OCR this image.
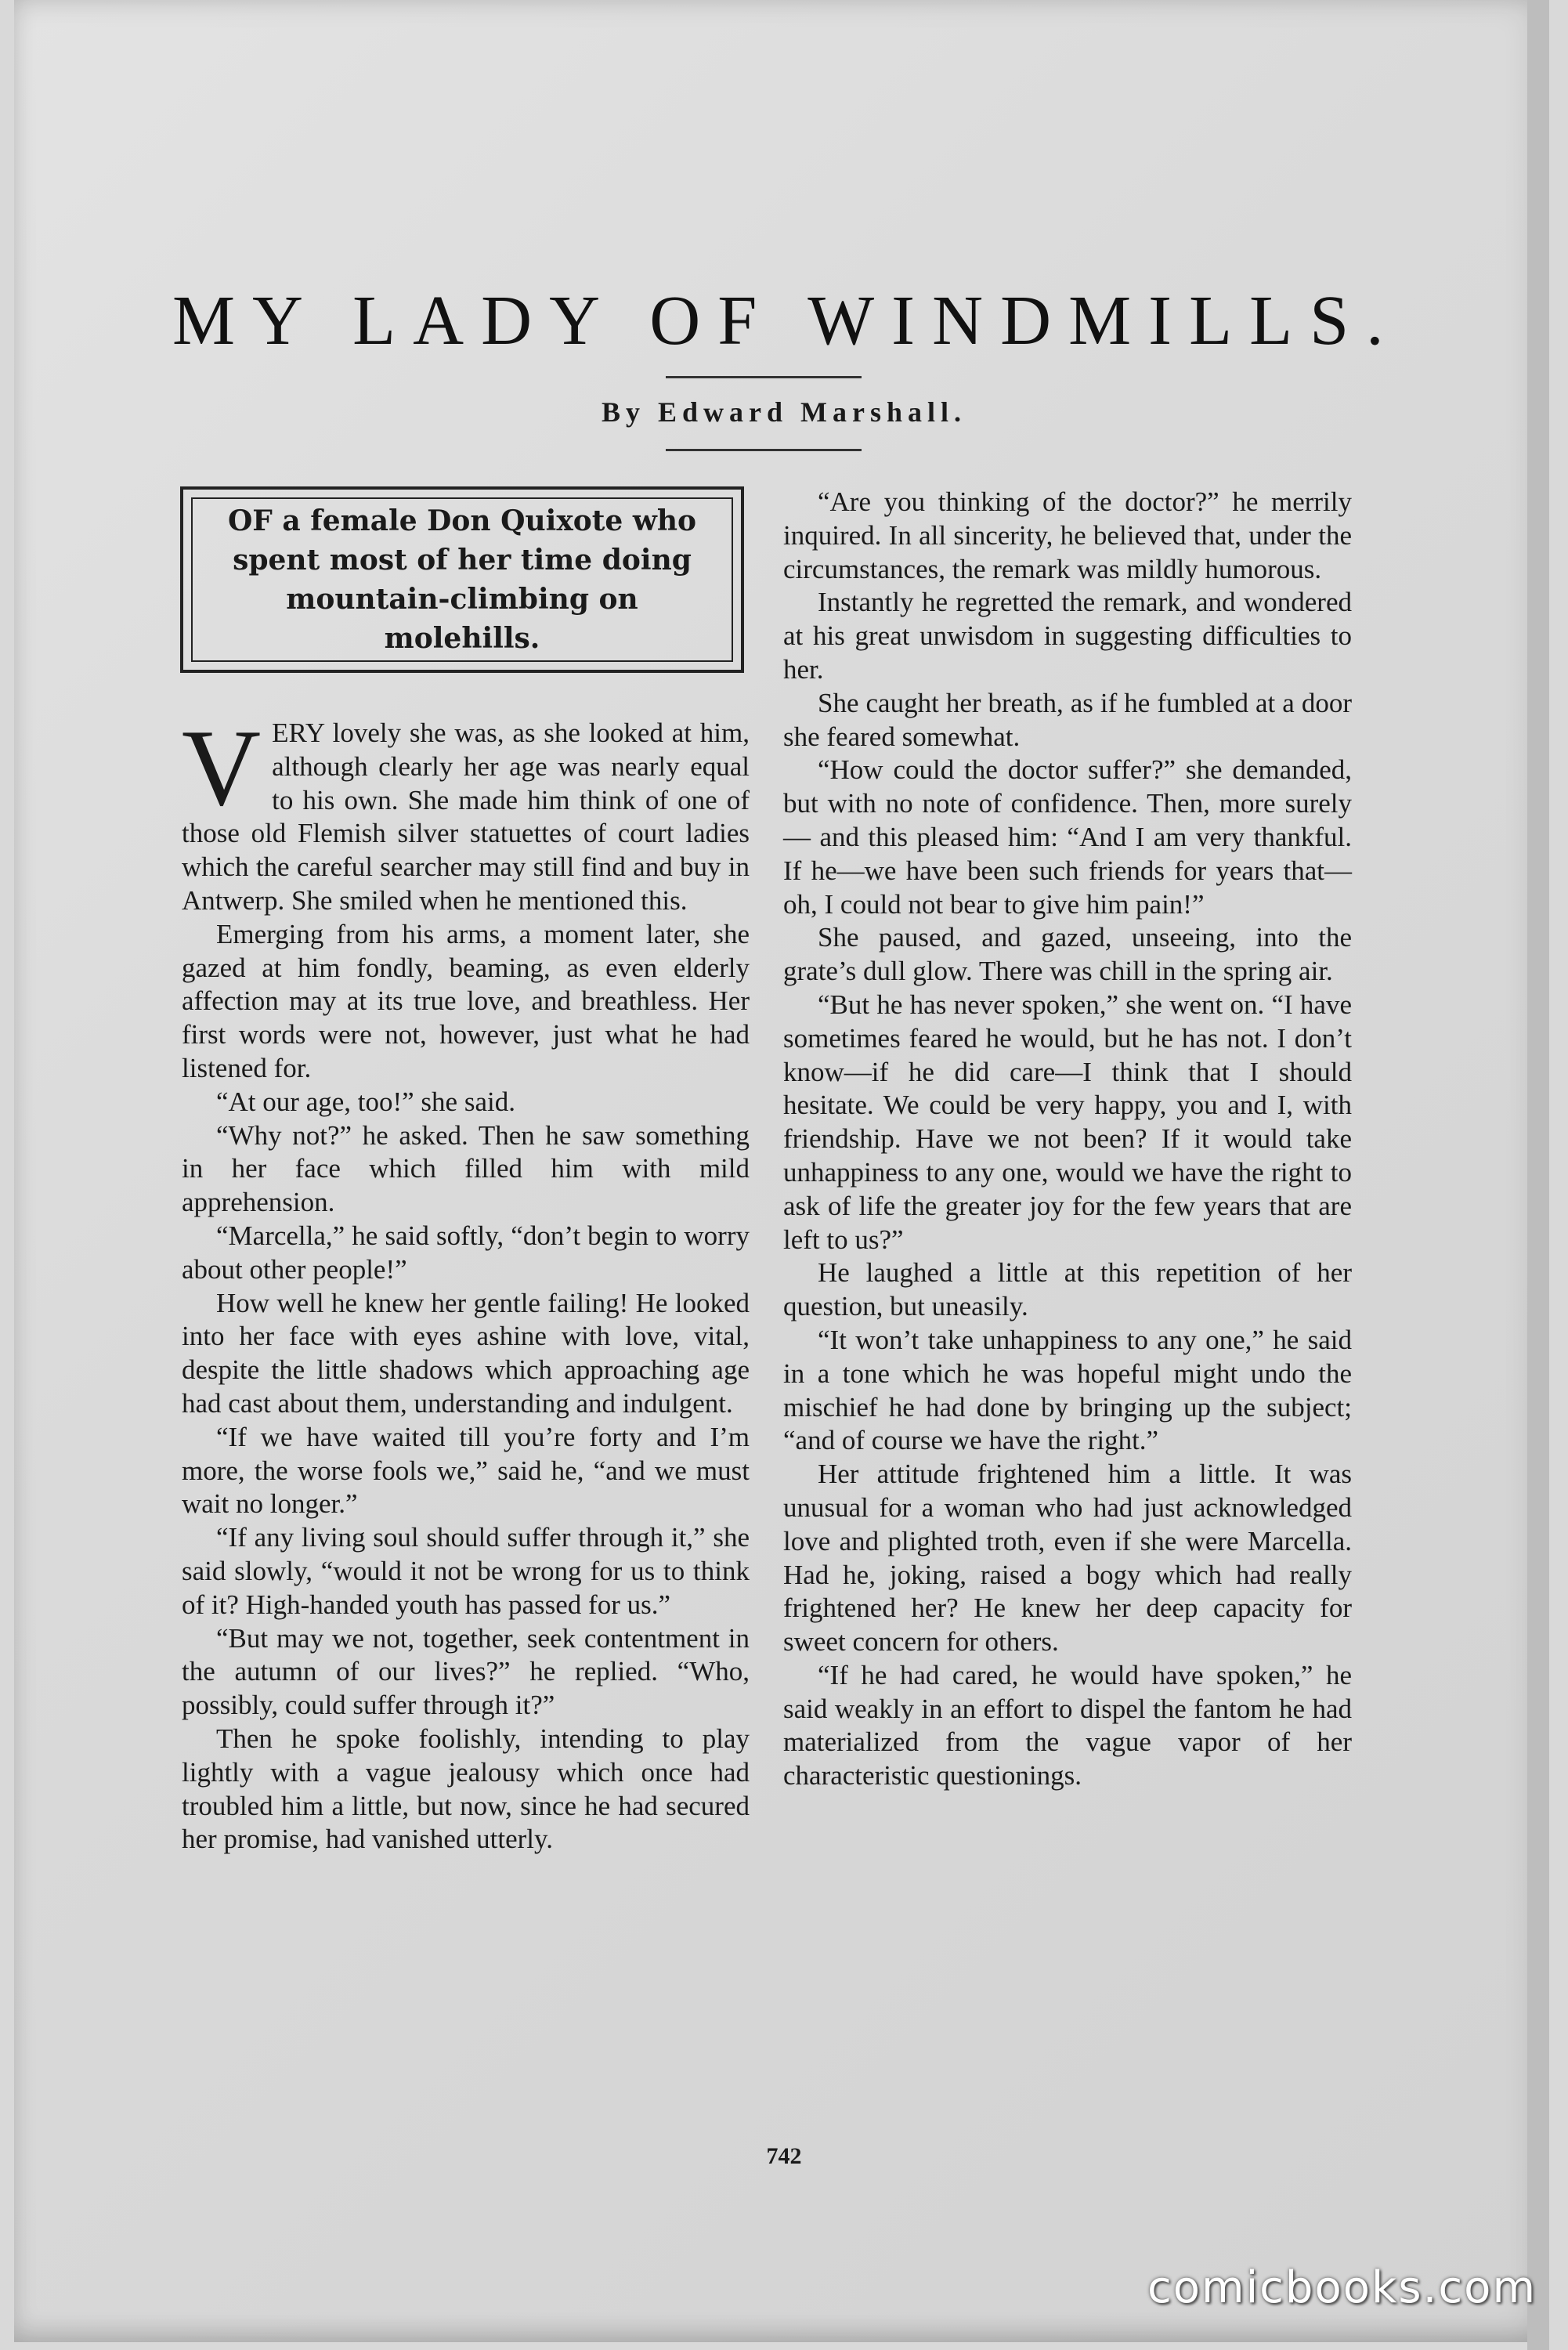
MY LADY OF WINDMILLS.
By Edward Marshall.
OF a female Don Quixote who spent most of her time doing mountain-climbing on molehills.

VERY lovely she was, as she looked at him, although clearly her age was nearly equal to his own. She made him think of one of those old Flemish silver statuettes of court ladies which the careful searcher may still find and buy in Antwerp. She smiled when he mentioned this.

Emerging from his arms, a moment later, she gazed at him fondly, beaming, as even elderly affection may at its true love, and breathless. Her first words were not, however, just what he had listened for.

“At our age, too!” she said.

“Why not?” he asked. Then he saw something in her face which filled him with mild apprehension.

“Marcella,” he said softly, “don’t begin to worry about other people!”

How well he knew her gentle failing! He looked into her face with eyes ashine with love, vital, despite the little shadows which approaching age had cast about them, understanding and indulgent.

“If we have waited till you’re forty and I’m more, the worse fools we,” said he, “and we must wait no longer.”

“If any living soul should suffer through it,” she said slowly, “would it not be wrong for us to think of it? High-handed youth has passed for us.”

“But may we not, together, seek contentment in the autumn of our lives?” he replied. “Who, possibly, could suffer through it?”

Then he spoke foolishly, intending to play lightly with a vague jealousy which once had troubled him a little, but now, since he had secured her promise, had vanished utterly.

“Are you thinking of the doctor?” he merrily inquired. In all sincerity, he believed that, under the circumstances, the remark was mildly humorous.

Instantly he regretted the remark, and wondered at his great unwisdom in suggesting difficulties to her.

She caught her breath, as if he fumbled at a door she feared somewhat.

“How could the doctor suffer?” she demanded, but with no note of confidence. Then, more surely — and this pleased him: “And I am very thankful. If he—we have been such friends for years that—oh, I could not bear to give him pain!”

She paused, and gazed, unseeing, into the grate’s dull glow. There was chill in the spring air.

“But he has never spoken,” she went on. “I have sometimes feared he would, but he has not. I don’t know—if he did care—I think that I should hesitate. We could be very happy, you and I, with friendship. Have we not been? If it would take unhappiness to any one, would we have the right to ask of life the greater joy for the few years that are left to us?”

He laughed a little at this repetition of her question, but uneasily.

“It won’t take unhappiness to any one,” he said in a tone which he was hopeful might undo the mischief he had done by bringing up the subject; “and of course we have the right.”

Her attitude frightened him a little. It was unusual for a woman who had just acknowledged love and plighted troth, even if she were Marcella. Had he, joking, raised a bogy which had really frightened her? He knew her deep capacity for sweet concern for others.

“If he had cared, he would have spoken,” he said weakly in an effort to dispel the fantom he had materialized from the vague vapor of her characteristic questionings.

742
comicbooks.com
